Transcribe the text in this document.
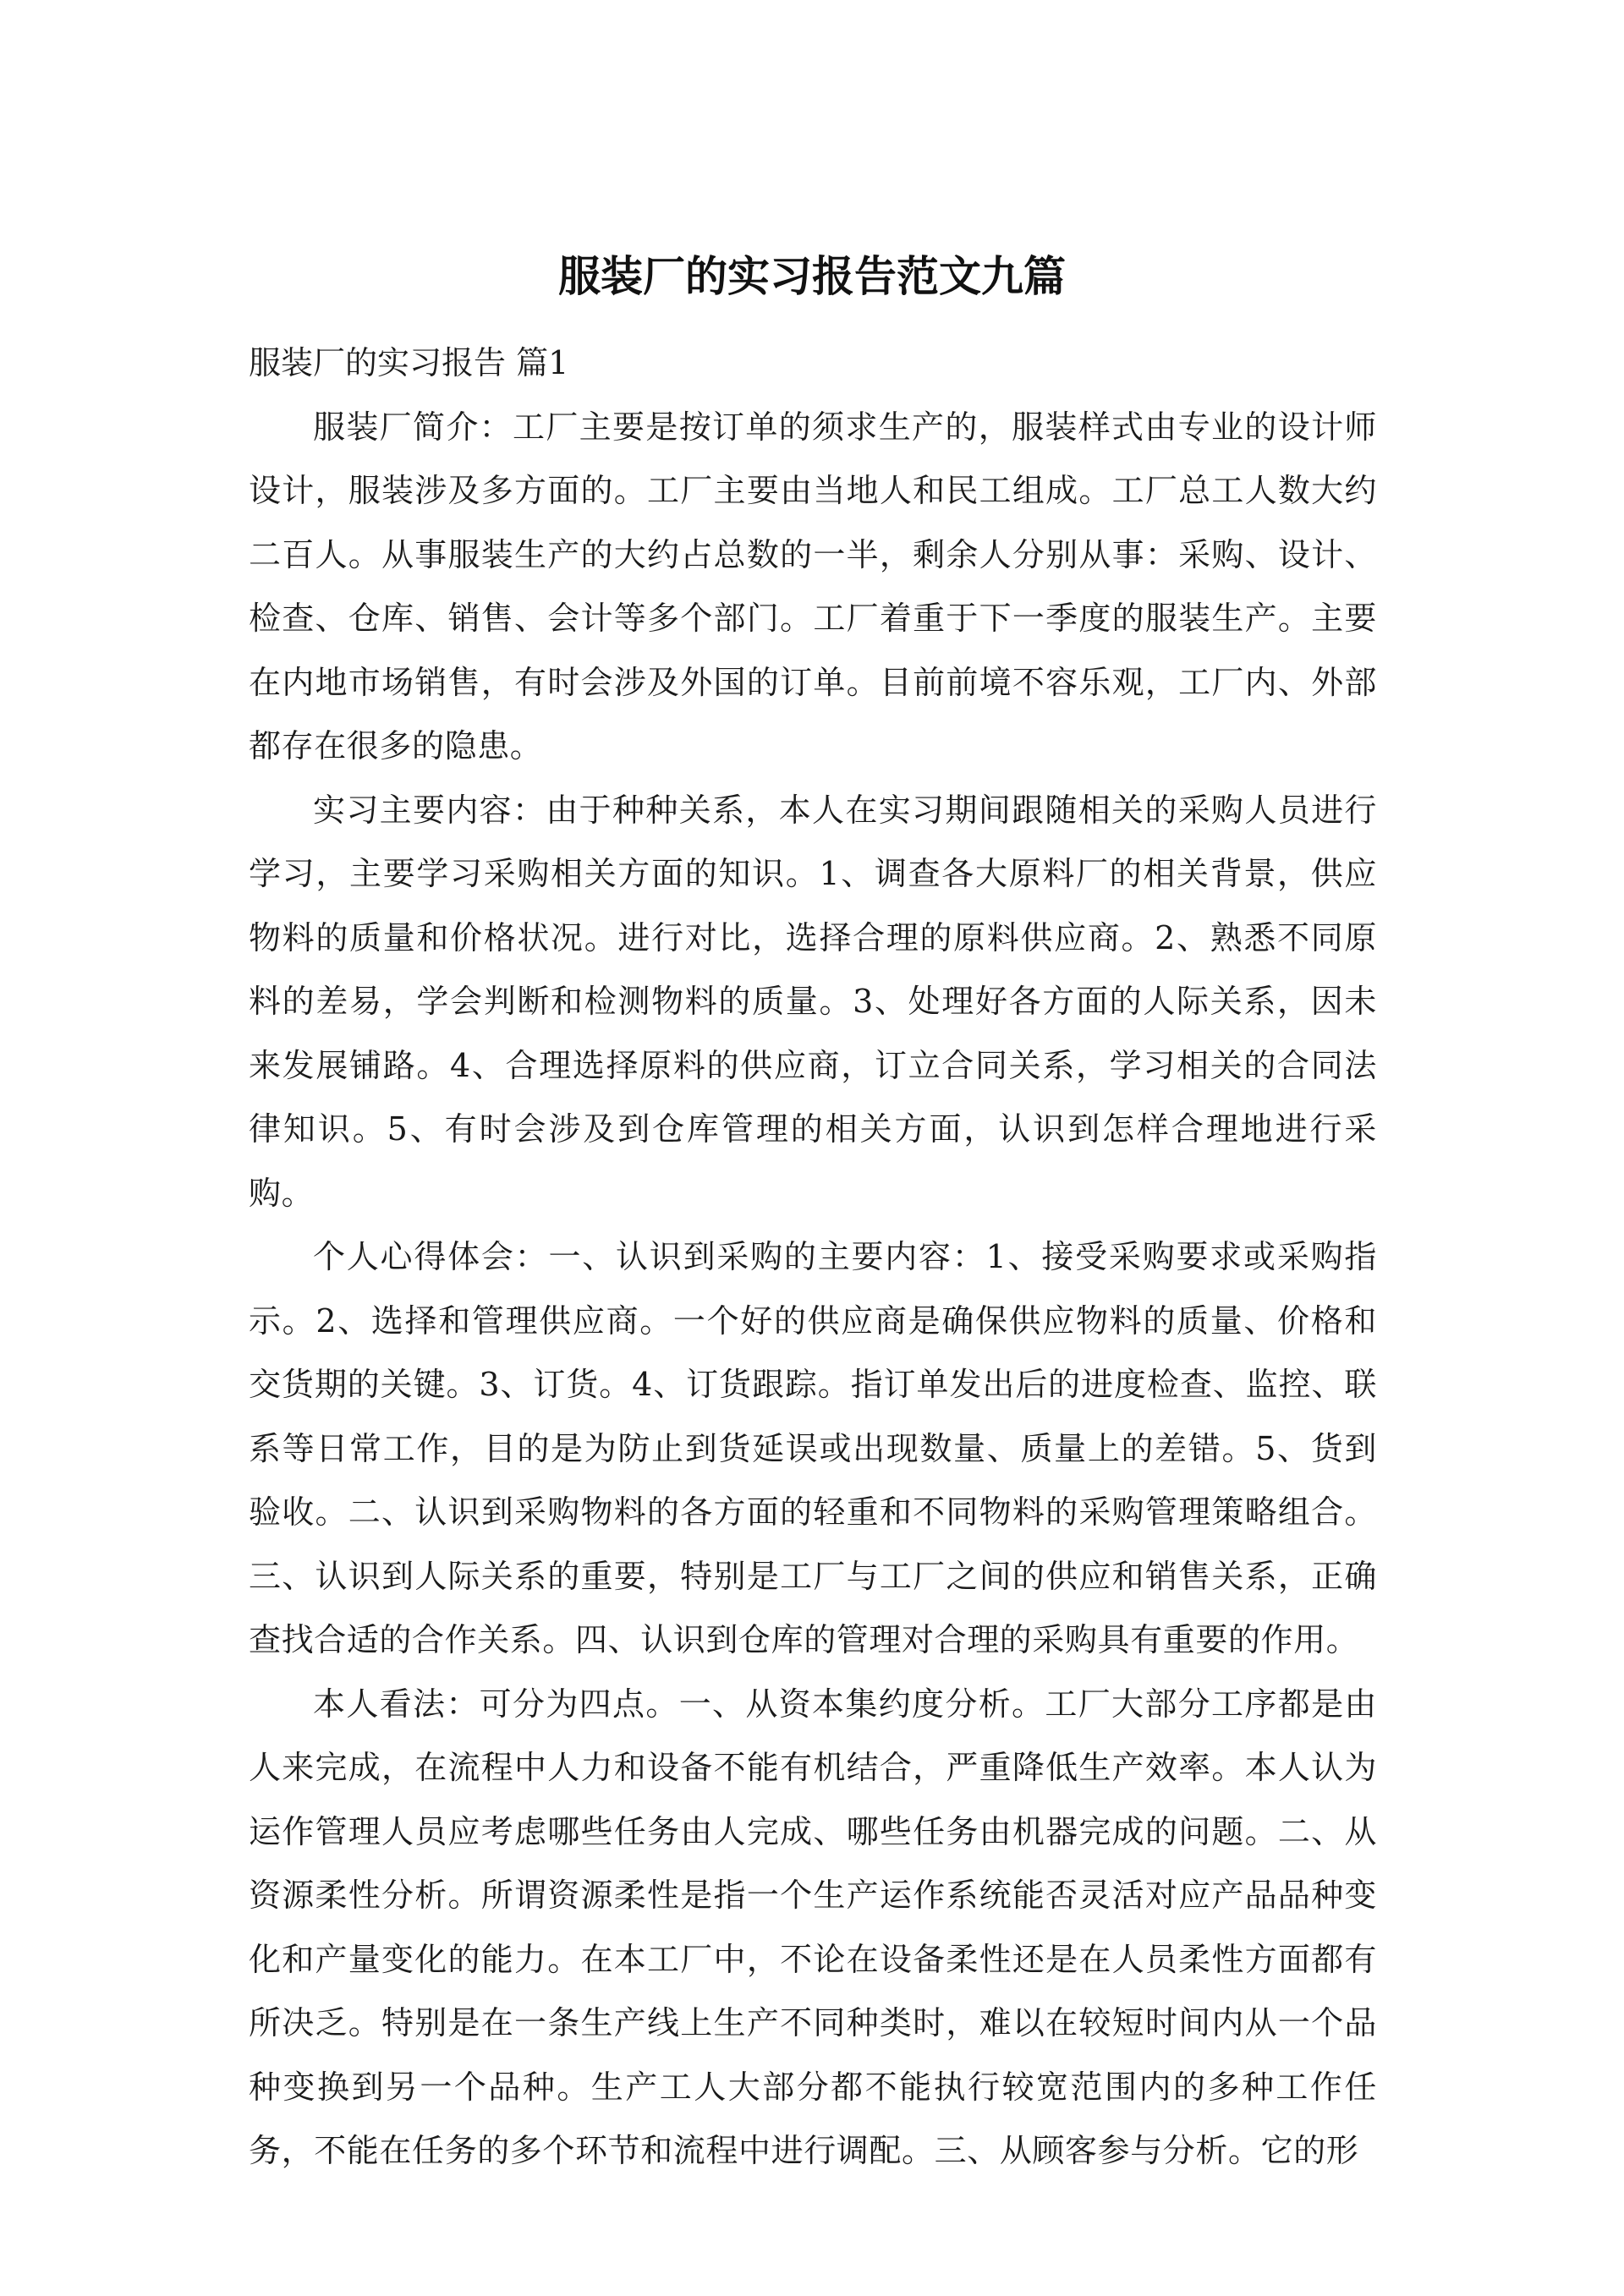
服装厂的实习报告范文九篇

服装厂的实习报告 篇1

服装厂简介：工厂主要是按订单的须求生产的，服装样式由专业的设计师设计，服装涉及多方面的。工厂主要由当地人和民工组成。工厂总工人数大约二百人。从事服装生产的大约占总数的一半，剩余人分别从事：采购、设计、检查、仓库、销售、会计等多个部门。工厂着重于下一季度的服装生产。主要在内地市场销售，有时会涉及外国的订单。目前前境不容乐观，工厂内、外部都存在很多的隐患。

实习主要内容：由于种种关系，本人在实习期间跟随相关的采购人员进行学习，主要学习采购相关方面的知识。1、调查各大原料厂的相关背景，供应物料的质量和价格状况。进行对比，选择合理的原料供应商。2、熟悉不同原料的差易，学会判断和检测物料的质量。3、处理好各方面的人际关系，因未来发展铺路。4、合理选择原料的供应商，订立合同关系，学习相关的合同法律知识。5、有时会涉及到仓库管理的相关方面，认识到怎样合理地进行采购。

个人心得体会：一、认识到采购的主要内容：1、接受采购要求或采购指示。2、选择和管理供应商。一个好的供应商是确保供应物料的质量、价格和交货期的关键。3、订货。4、订货跟踪。指订单发出后的进度检查、监控、联系等日常工作，目的是为防止到货延误或出现数量、质量上的差错。5、货到验收。二、认识到采购物料的各方面的轻重和不同物料的采购管理策略组合。三、认识到人际关系的重要，特别是工厂与工厂之间的供应和销售关系，正确查找合适的合作关系。四、认识到仓库的管理对合理的采购具有重要的作用。

本人看法：可分为四点。一、从资本集约度分析。工厂大部分工序都是由人来完成，在流程中人力和设备不能有机结合，严重降低生产效率。本人认为运作管理人员应考虑哪些任务由人完成、哪些任务由机器完成的问题。二、从资源柔性分析。所谓资源柔性是指一个生产运作系统能否灵活对应产品品种变化和产量变化的能力。在本工厂中，不论在设备柔性还是在人员柔性方面都有所决乏。特别是在一条生产线上生产不同种类时，难以在较短时间内从一个品种变换到另一个品种。生产工人大部分都不能执行较宽范围内的多种工作任务，不能在任务的多个环节和流程中进行调配。三、从顾客参与分析。它的形
